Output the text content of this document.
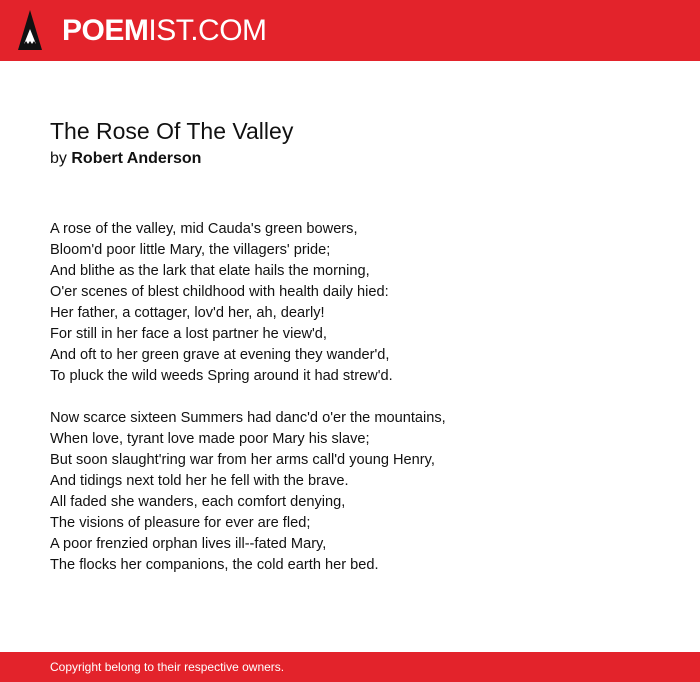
POEMIST.COM
The Rose Of The Valley
by Robert Anderson
A rose of the valley, mid Cauda's green bowers,
Bloom'd poor little Mary, the villagers' pride;
And blithe as the lark that elate hails the morning,
O'er scenes of blest childhood with health daily hied:
Her father, a cottager, lov'd her, ah, dearly!
For still in her face a lost partner he view'd,
And oft to her green grave at evening they wander'd,
To pluck the wild weeds Spring around it had strew'd.
Now scarce sixteen Summers had danc'd o'er the mountains,
When love, tyrant love made poor Mary his slave;
But soon slaught'ring war from her arms call'd young Henry,
And tidings next told her he fell with the brave.
All faded she wanders, each comfort denying,
The visions of pleasure for ever are fled;
A poor frenzied orphan lives ill--fated Mary,
The flocks her companions, the cold earth her bed.
Copyright belong to their respective owners.
